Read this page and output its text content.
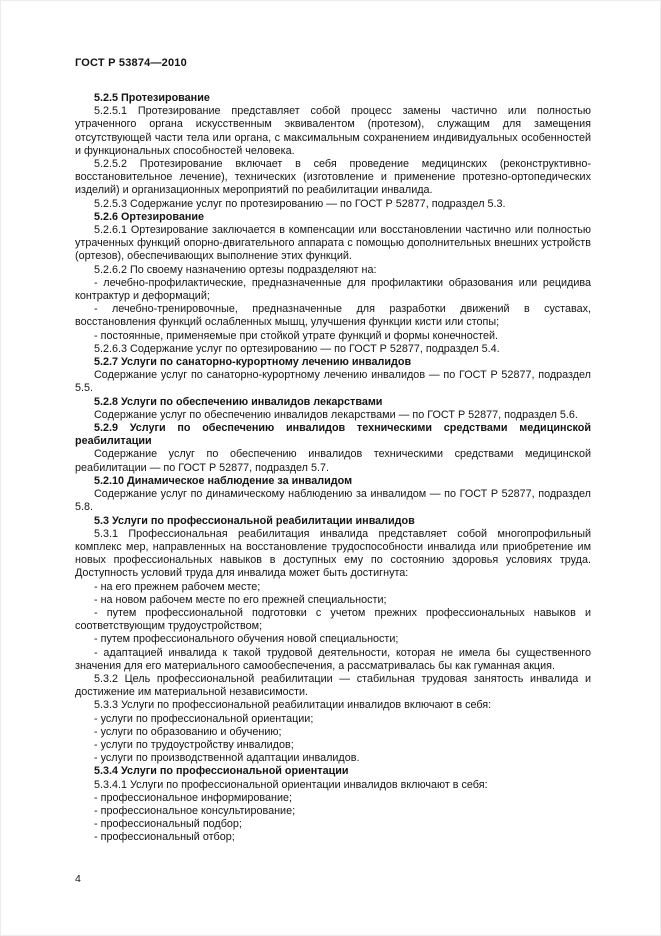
ГОСТ Р 53874—2010

5.2.5 Протезирование

5.2.5.1 Протезирование представляет собой процесс замены частично или полностью утраченного органа искусственным эквивалентом (протезом), служащим для замещения отсутствующей части тела или органа, с максимальным сохранением индивидуальных особенностей и функциональных способностей человека.

5.2.5.2 Протезирование включает в себя проведение медицинских (реконструктивно-восстановительное лечение), технических (изготовление и применение протезно-ортопедических изделий) и организационных мероприятий по реабилитации инвалида.

5.2.5.3 Содержание услуг по протезированию — по ГОСТ Р 52877, подраздел 5.3.

5.2.6 Ортезирование

5.2.6.1 Ортезирование заключается в компенсации или восстановлении частично или полностью утраченных функций опорно-двигательного аппарата с помощью дополнительных внешних устройств (ортезов), обеспечивающих выполнение этих функций.

5.2.6.2 По своему назначению ортезы подразделяют на:

- лечебно-профилактические, предназначенные для профилактики образования или рецидива контрактур и деформаций;

- лечебно-тренировочные, предназначенные для разработки движений в суставах, восстановления функций ослабленных мышц, улучшения функции кисти или стопы;

- постоянные, применяемые при стойкой утрате функций и формы конечностей.

5.2.6.3 Содержание услуг по ортезированию — по ГОСТ Р 52877, подраздел 5.4.

5.2.7 Услуги по санаторно-курортному лечению инвалидов

Содержание услуг по санаторно-курортному лечению инвалидов — по ГОСТ Р 52877, подраздел 5.5.

5.2.8 Услуги по обеспечению инвалидов лекарствами

Содержание услуг по обеспечению инвалидов лекарствами — по ГОСТ Р 52877, подраздел 5.6.

5.2.9 Услуги по обеспечению инвалидов техническими средствами медицинской реабилитации

Содержание услуг по обеспечению инвалидов техническими средствами медицинской реабилитации — по ГОСТ Р 52877, подраздел 5.7.

5.2.10 Динамическое наблюдение за инвалидом

Содержание услуг по динамическому наблюдению за инвалидом — по ГОСТ Р 52877, подраздел 5.8.

5.3 Услуги по профессиональной реабилитации инвалидов

5.3.1 Профессиональная реабилитация инвалида представляет собой многопрофильный комплекс мер, направленных на восстановление трудоспособности инвалида или приобретение им новых профессиональных навыков в доступных ему по состоянию здоровья условиях труда. Доступность условий труда для инвалида может быть достигнута:

- на его прежнем рабочем месте;

- на новом рабочем месте по его прежней специальности;

- путем профессиональной подготовки с учетом прежних профессиональных навыков и соответствующим трудоустройством;

- путем профессионального обучения новой специальности;

- адаптацией инвалида к такой трудовой деятельности, которая не имела бы существенного значения для его материального самообеспечения, а рассматривалась бы как гуманная акция.

5.3.2 Цель профессиональной реабилитации — стабильная трудовая занятость инвалида и достижение им материальной независимости.

5.3.3 Услуги по профессиональной реабилитации инвалидов включают в себя:

- услуги по профессиональной ориентации;

- услуги по образованию и обучению;

- услуги по трудоустройству инвалидов;

- услуги по производственной адаптации инвалидов.

5.3.4 Услуги по профессиональной ориентации

5.3.4.1 Услуги по профессиональной ориентации инвалидов включают в себя:

- профессиональное информирование;

- профессиональное консультирование;

- профессиональный подбор;

- профессиональный отбор;

4
